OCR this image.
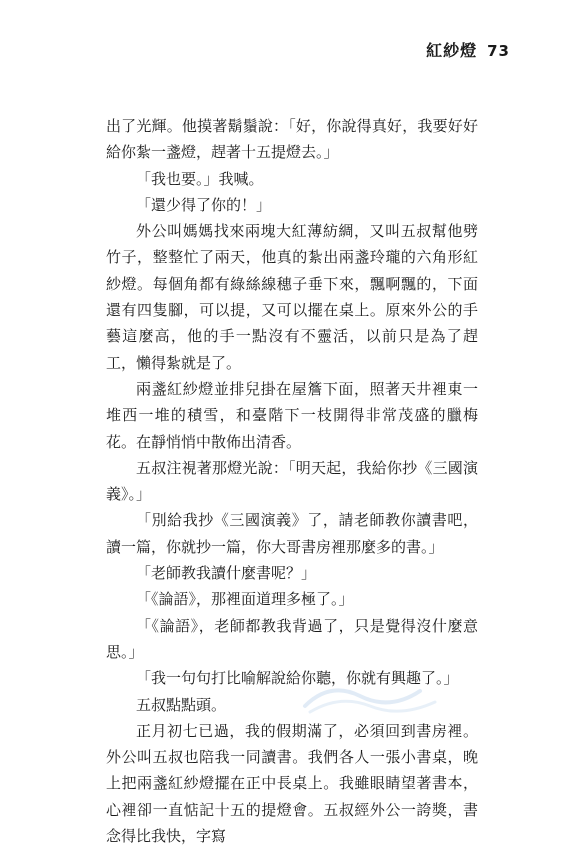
紅紗燈 73

出了光輝。他摸著鬍鬚說：「好，你說得真好，我要好好給你紮一盞燈，趕著十五提燈去。」

「我也要。」我喊。

「還少得了你的！」

外公叫媽媽找來兩塊大紅薄紡綢，又叫五叔幫他劈竹子，整整忙了兩天，他真的紮出兩盞玲瓏的六角形紅紗燈。每個角都有綠絲線穗子垂下來，飄啊飄的，下面還有四隻腳，可以提，又可以擺在桌上。原來外公的手藝這麼高，他的手一點沒有不靈活，以前只是為了趕工，懶得紮就是了。

兩盞紅紗燈並排兒掛在屋簷下面，照著天井裡東一堆西一堆的積雪，和臺階下一枝開得非常茂盛的臘梅花。在靜悄悄中散佈出清香。

五叔注視著那燈光說：「明天起，我給你抄《三國演義》。」

「別給我抄《三國演義》了，請老師教你讀書吧，讀一篇，你就抄一篇，你大哥書房裡那麼多的書。」

「老師教我讀什麼書呢？」

「《論語》，那裡面道理多極了。」

「《論語》，老師都教我背過了，只是覺得沒什麼意思。」

「我一句句打比喻解說給你聽，你就有興趣了。」

五叔點點頭。

正月初七已過，我的假期滿了，必須回到書房裡。外公叫五叔也陪我一同讀書。我們各人一張小書桌，晚上把兩盞紅紗燈擺在正中長桌上。我雖眼睛望著書本，心裡卻一直惦記十五的提燈會。五叔經外公一誇獎，書念得比我快，字寫
